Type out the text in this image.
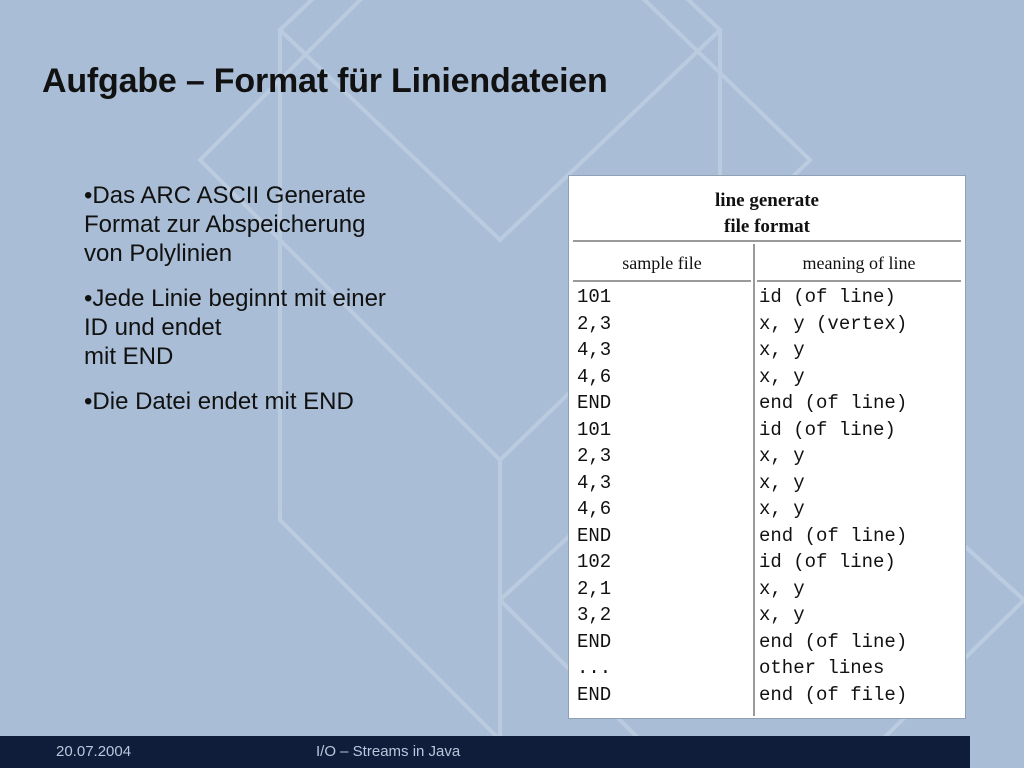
Aufgabe – Format für Liniendateien
•Das ARC ASCII Generate
Format zur Abspeicherung
von Polylinien
•Jede Linie beginnt mit einer
ID und endet
mit END
•Die Datei endet mit END
line generate
file format
sample file	meaning of line
101	id (of line)
2,3	x, y (vertex)
4,3	x, y
4,6	x, y
END	end (of line)
101	id (of line)
2,3	x, y
4,3	x, y
4,6	x, y
END	end (of line)
102	id (of line)
2,1	x, y
3,2	x, y
END	end (of line)
...	other lines
END	end (of file)
20.07.2004	I/O – Streams in Java
